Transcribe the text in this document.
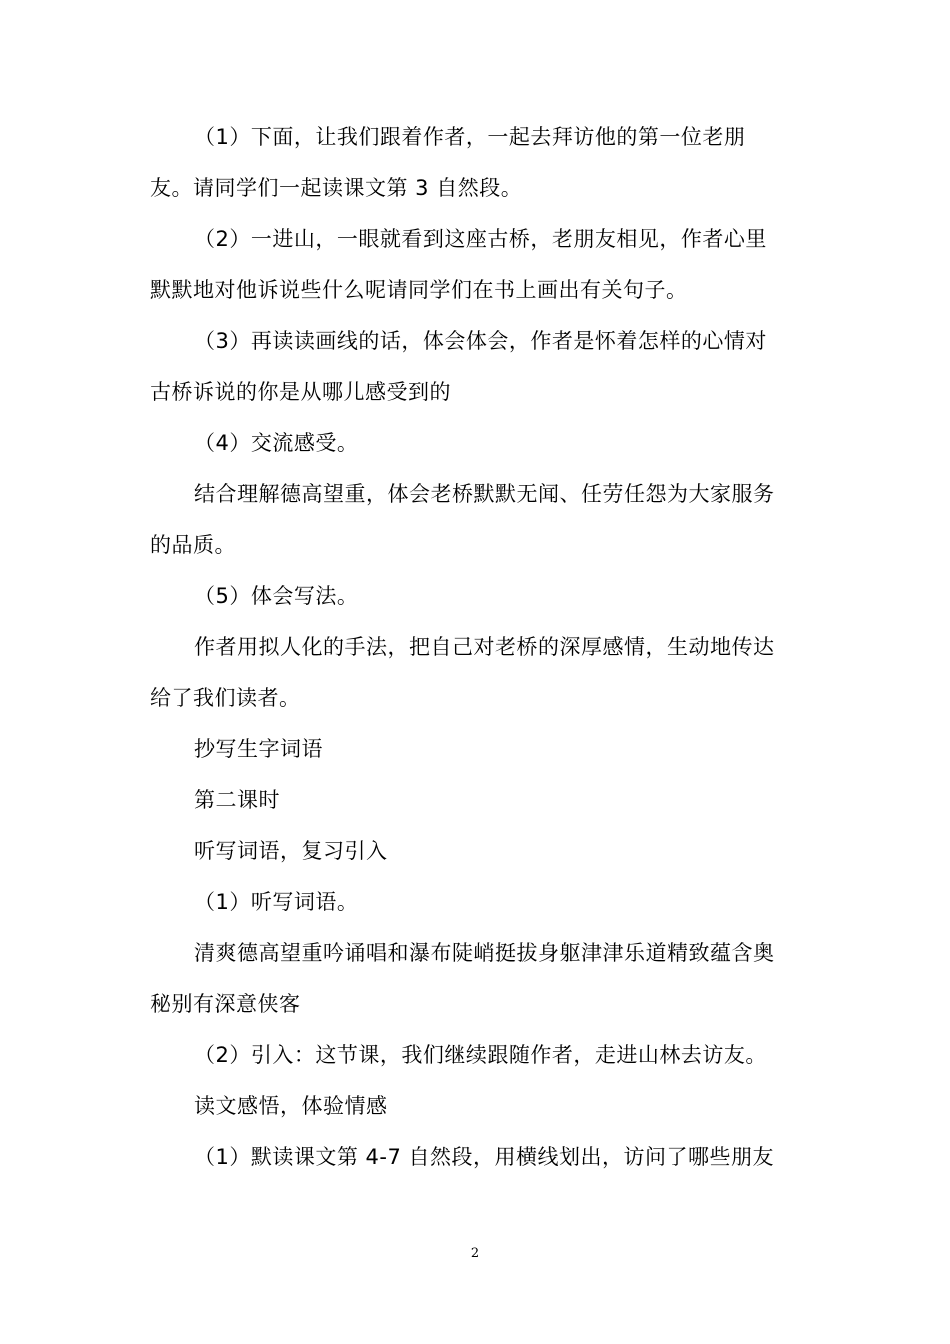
（1）下面，让我们跟着作者，一起去拜访他的第一位老朋
友。请同学们一起读课文第 3 自然段。
（2）一进山，一眼就看到这座古桥，老朋友相见，作者心里
默默地对他诉说些什么呢请同学们在书上画出有关句子。
（3）再读读画线的话，体会体会，作者是怀着怎样的心情对
古桥诉说的你是从哪儿感受到的
（4）交流感受。
结合理解德高望重，体会老桥默默无闻、任劳任怨为大家服务
的品质。
（5）体会写法。
作者用拟人化的手法，把自己对老桥的深厚感情，生动地传达
给了我们读者。
抄写生字词语
第二课时
听写词语，复习引入
（1）听写词语。
清爽德高望重吟诵唱和瀑布陡峭挺拔身躯津津乐道精致蕴含奥
秘别有深意侠客
（2）引入：这节课，我们继续跟随作者，走进山林去访友。
读文感悟，体验情感
（1）默读课文第 4-7 自然段，用横线划出，访问了哪些朋友
2
